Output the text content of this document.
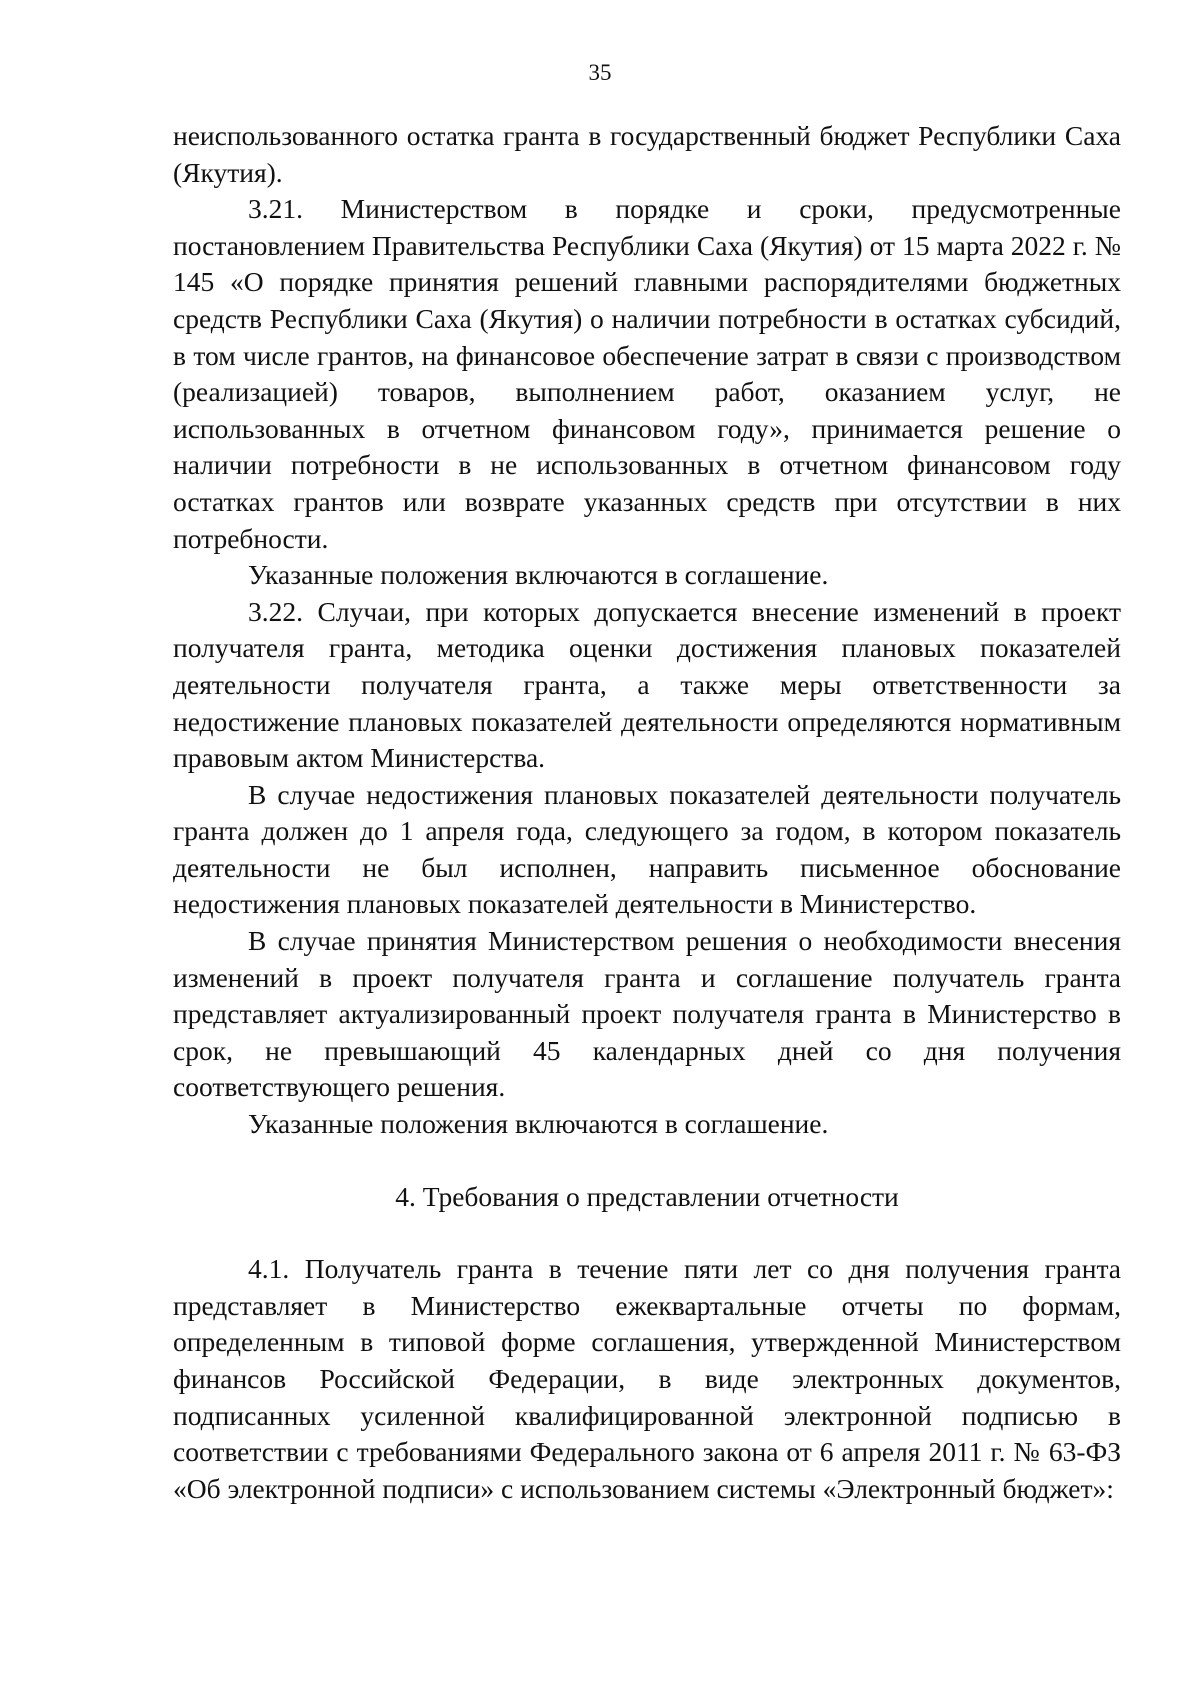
35

неиспользованного остатка гранта в государственный бюджет Республики Саха (Якутия).

3.21. Министерством в порядке и сроки, предусмотренные постановлением Правительства Республики Саха (Якутия) от 15 марта 2022 г. № 145 «О порядке принятия решений главными распорядителями бюджетных средств Республики Саха (Якутия) о наличии потребности в остатках субсидий, в том числе грантов, на финансовое обеспечение затрат в связи с производством (реализацией) товаров, выполнением работ, оказанием услуг, не использованных в отчетном финансовом году», принимается решение о наличии потребности в не использованных в отчетном финансовом году остатках грантов или возврате указанных средств при отсутствии в них потребности.

Указанные положения включаются в соглашение.

3.22. Случаи, при которых допускается внесение изменений в проект получателя гранта, методика оценки достижения плановых показателей деятельности получателя гранта, а также меры ответственности за недостижение плановых показателей деятельности определяются нормативным правовым актом Министерства.

В случае недостижения плановых показателей деятельности получатель гранта должен до 1 апреля года, следующего за годом, в котором показатель деятельности не был исполнен, направить письменное обоснование недостижения плановых показателей деятельности в Министерство.

В случае принятия Министерством решения о необходимости внесения изменений в проект получателя гранта и соглашение получатель гранта представляет актуализированный проект получателя гранта в Министерство в срок, не превышающий 45 календарных дней со дня получения соответствующего решения.

Указанные положения включаются в соглашение.

4. Требования о представлении отчетности

4.1. Получатель гранта в течение пяти лет со дня получения гранта представляет в Министерство ежеквартальные отчеты по формам, определенным в типовой форме соглашения, утвержденной Министерством финансов Российской Федерации, в виде электронных документов, подписанных усиленной квалифицированной электронной подписью в соответствии с требованиями Федерального закона от 6 апреля 2011 г. № 63-ФЗ «Об электронной подписи» с использованием системы «Электронный бюджет»:
